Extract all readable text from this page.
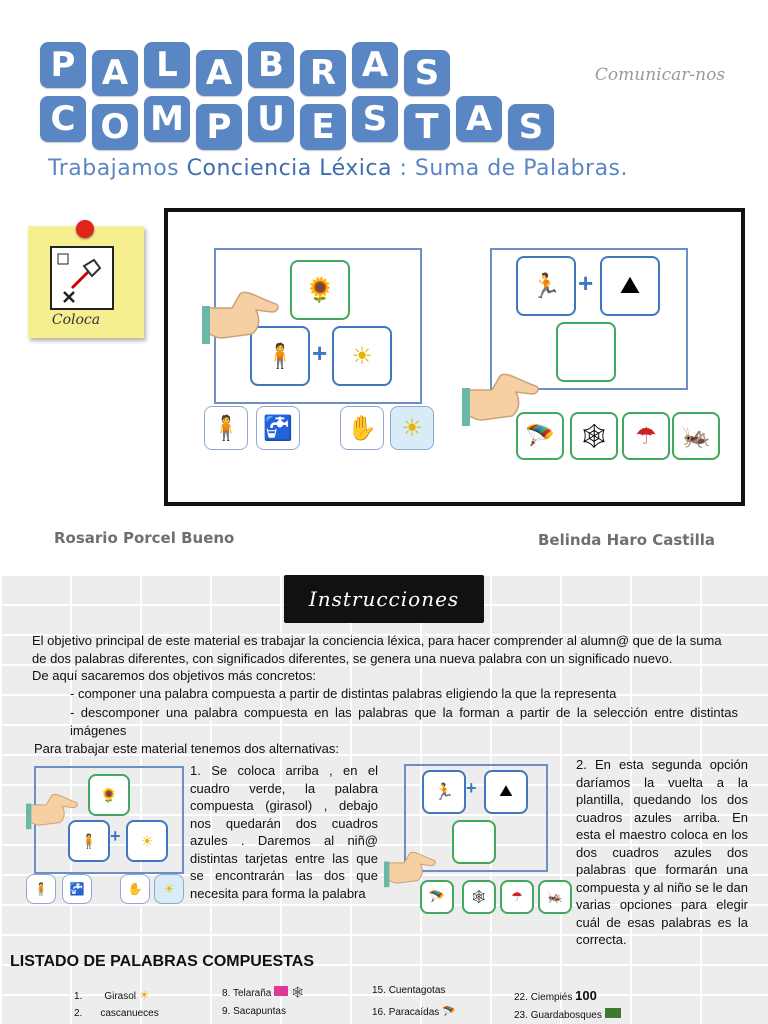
P A L A B R A S
C O M P U E S T A S
Trabajamos Conciencia Léxica : Suma de Palabras.
Comunicar-nos
Coloca
🌻
🧍 + ☀
🧍 🚰 ✋ ☀
🏃 + ⛰
🪂 🕸 ☂ 🦗
Rosario Porcel Bueno	Belinda Haro Castilla
Instrucciones
El objetivo principal de este material es trabajar la conciencia léxica, para hacer comprender al alumn@ que de la suma de dos palabras diferentes, con significados diferentes, se genera una nueva palabra con un significado nuevo.
De aquí sacaremos dos objetivos más concretos:
- componer una palabra compuesta a partir de distintas palabras eligiendo la que la representa
- descomponer una palabra compuesta en las palabras que la forman a partir de la selección entre distintas imágenes
Para trabajar este material tenemos dos alternativas:
🌻
🧍 + ☀
🧍 🚰	✋ ☀
1. Se coloca arriba , en el cuadro verde, la palabra compuesta (girasol) , debajo nos quedarán dos cuadros azules . Daremos al niñ@ distintas tarjetas entre las que se encontrarán las dos que necesita para forma la palabra
🏃 + ⛰
🪂 🕸 ☂ 🦗
2. En esta segunda opción daríamos la vuelta a la plantilla, quedando los dos cuadros azules arriba. En esta el maestro coloca en los dos cuadros azules dos palabras que formarán una compuesta y al niño se le dan varias opciones para elegir cuál de esas palabras es la correcta.
LISTADO DE PALABRAS COMPUESTAS
1. Girasol ☀
2. cascanueces
8. Telaraña 🕸
9. Sacapuntas
15. Cuentagotas
16. Paracaídas 🪂
22. Ciempiés 100
23. Guardabosques
